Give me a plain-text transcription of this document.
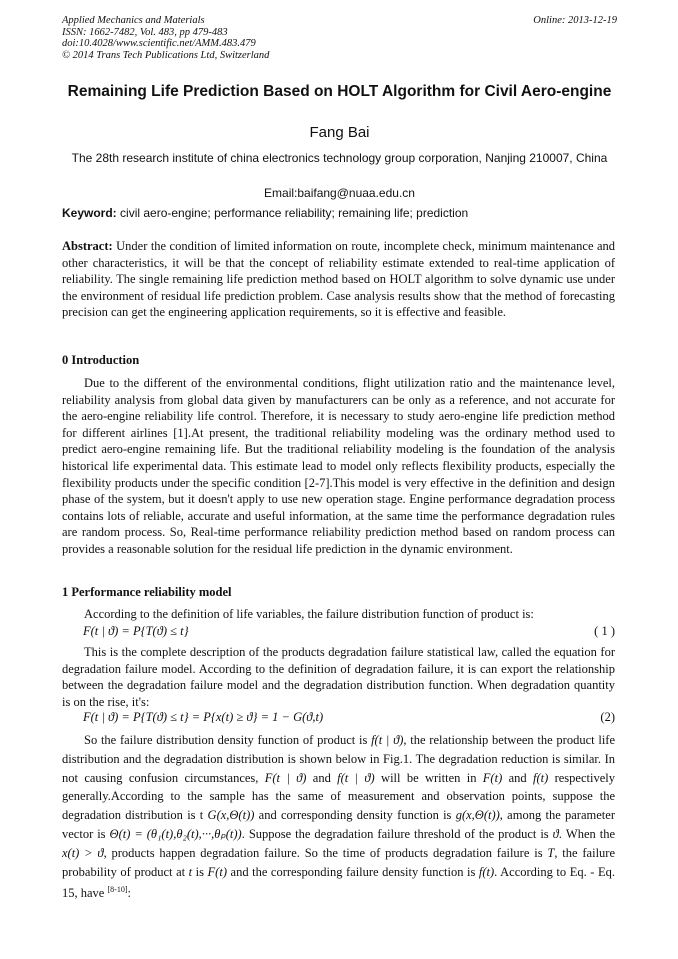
Applied Mechanics and Materials
ISSN: 1662-7482, Vol. 483, pp 479-483
doi:10.4028/www.scientific.net/AMM.483.479
© 2014 Trans Tech Publications Ltd, Switzerland
Online: 2013-12-19
Remaining Life Prediction Based on HOLT Algorithm for Civil Aero-engine
Fang Bai
The 28th research institute of china electronics technology group corporation, Nanjing 210007, China
Email:baifang@nuaa.edu.cn
Keyword: civil aero-engine; performance reliability; remaining life; prediction
Abstract: Under the condition of limited information on route, incomplete check, minimum maintenance and other characteristics, it will be that the concept of reliability estimate extended to real-time application of reliability. The single remaining life prediction method based on HOLT algorithm to solve dynamic use under the environment of residual life prediction problem. Case analysis results show that the method of forecasting precision can get the engineering application requirements, so it is effective and feasible.
0 Introduction
Due to the different of the environmental conditions, flight utilization ratio and the maintenance level, reliability analysis from global data given by manufacturers can be only as a reference, and not accurate for the aero-engine reliability life control. Therefore, it is necessary to study aero-engine life prediction method for different airlines [1].At present, the traditional reliability modeling was the ordinary method used to predict aero-engine remaining life. But the traditional reliability modeling is the foundation of the analysis historical life experimental data. This estimate lead to model only reflects flexibility products, especially the flexibility products under the specific condition [2-7].This model is very effective in the definition and design phase of the system, but it doesn't apply to use new operation stage. Engine performance degradation process contains lots of reliable, accurate and useful information, at the same time the performance degradation rules are random process. So, Real-time performance reliability prediction method based on random process can provides a reasonable solution for the residual life prediction in the dynamic environment.
1 Performance reliability model
According to the definition of life variables, the failure distribution function of product is:
F(t | ϑ) = P{T(ϑ) ≤ t}	( 1 )
This is the complete description of the products degradation failure statistical law, called the equation for degradation failure model. According to the definition of degradation failure, it is can export the relationship between the degradation failure model and the degradation distribution function. When degradation quantity is on the rise, it's:
F(t | ϑ) = P{T(ϑ) ≤ t} = P{x(t) ≥ ϑ} = 1 − G(ϑ,t)	(2)
So the failure distribution density function of product is f(t | ϑ), the relationship between the product life distribution and the degradation distribution is shown below in Fig.1. The degradation reduction is similar. In not causing confusion circumstances, F(t | ϑ) and f(t | ϑ) will be written in F(t) and f(t) respectively generally.According to the sample has the same of measurement and observation points, suppose the degradation distribution is t G(x,Θ(t)) and corresponding density function is g(x,Θ(t)), among the parameter vector is Θ(t) = (θ₁(t),θ₂(t),···,θₚ(t)). Suppose the degradation failure threshold of the product is ϑ. When the x(t) > ϑ, products happen degradation failure. So the time of products degradation failure is T, the failure probability of product at t is F(t) and the corresponding failure density function is f(t). According to Eq. - Eq. 15, have [8-10]:
